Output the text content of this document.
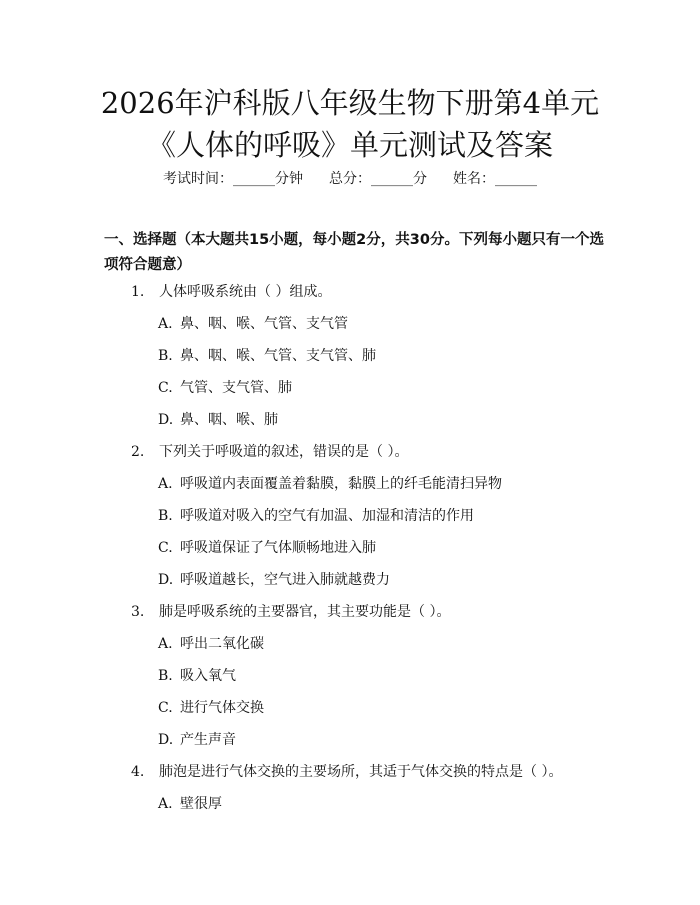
2026年沪科版八年级生物下册第4单元《人体的呼吸》单元测试及答案
考试时间：______分钟 总分：______分 姓名：______
一、选择题（本大题共15小题，每小题2分，共30分。下列每小题只有一个选项符合题意）
1.	人体呼吸系统由（ ）组成。
A. 鼻、咽、喉、气管、支气管
B. 鼻、咽、喉、气管、支气管、肺
C. 气管、支气管、肺
D. 鼻、咽、喉、肺
2.	下列关于呼吸道的叙述，错误的是（ ）。
A. 呼吸道内表面覆盖着黏膜，黏膜上的纤毛能清扫异物
B. 呼吸道对吸入的空气有加温、加湿和清洁的作用
C. 呼吸道保证了气体顺畅地进入肺
D. 呼吸道越长，空气进入肺就越费力
3.	肺是呼吸系统的主要器官，其主要功能是（ ）。
A. 呼出二氧化碳
B. 吸入氧气
C. 进行气体交换
D. 产生声音
4.	肺泡是进行气体交换的主要场所，其适于气体交换的特点是（ ）。
A. 壁很厚
